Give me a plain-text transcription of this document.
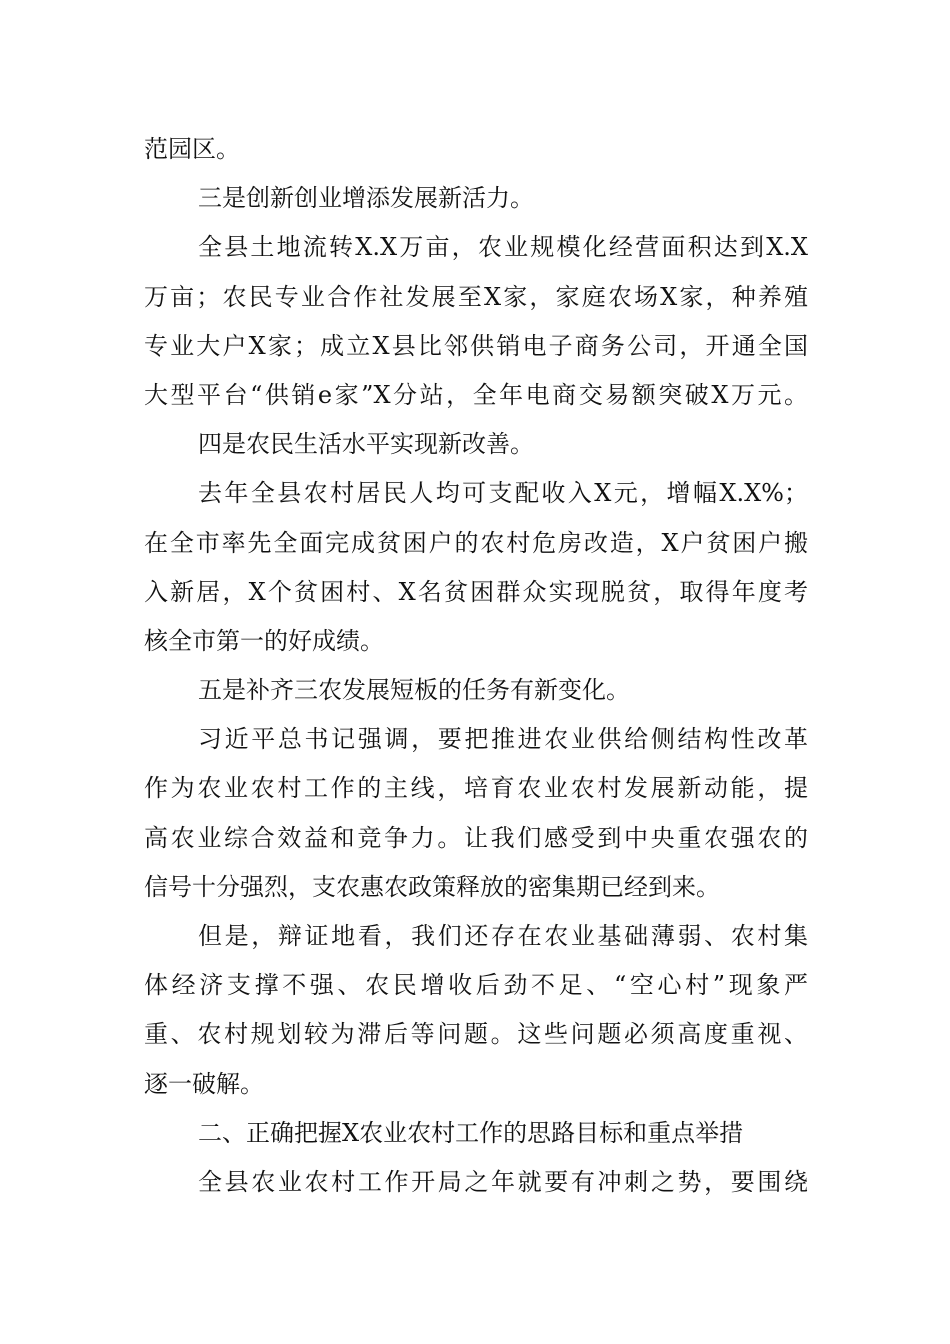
范园区。
三是创新创业增添发展新活力。
全县土地流转X.X万亩，农业规模化经营面积达到X.X
万亩；农民专业合作社发展至X家，家庭农场X家，种养殖
专业大户X家；成立X县比邻供销电子商务公司，开通全国
大型平台“供销e家”X分站，全年电商交易额突破X万元。
四是农民生活水平实现新改善。
去年全县农村居民人均可支配收入X元，增幅X.X%；
在全市率先全面完成贫困户的农村危房改造，X户贫困户搬
入新居，X个贫困村、X名贫困群众实现脱贫，取得年度考
核全市第一的好成绩。
五是补齐三农发展短板的任务有新变化。
习近平总书记强调，要把推进农业供给侧结构性改革
作为农业农村工作的主线，培育农业农村发展新动能，提
高农业综合效益和竞争力。让我们感受到中央重农强农的
信号十分强烈，支农惠农政策释放的密集期已经到来。
但是，辩证地看，我们还存在农业基础薄弱、农村集
体经济支撑不强、农民增收后劲不足、“空心村”现象严
重、农村规划较为滞后等问题。这些问题必须高度重视、
逐一破解。
二、正确把握X农业农村工作的思路目标和重点举措
全县农业农村工作开局之年就要有冲刺之势，要围绕
